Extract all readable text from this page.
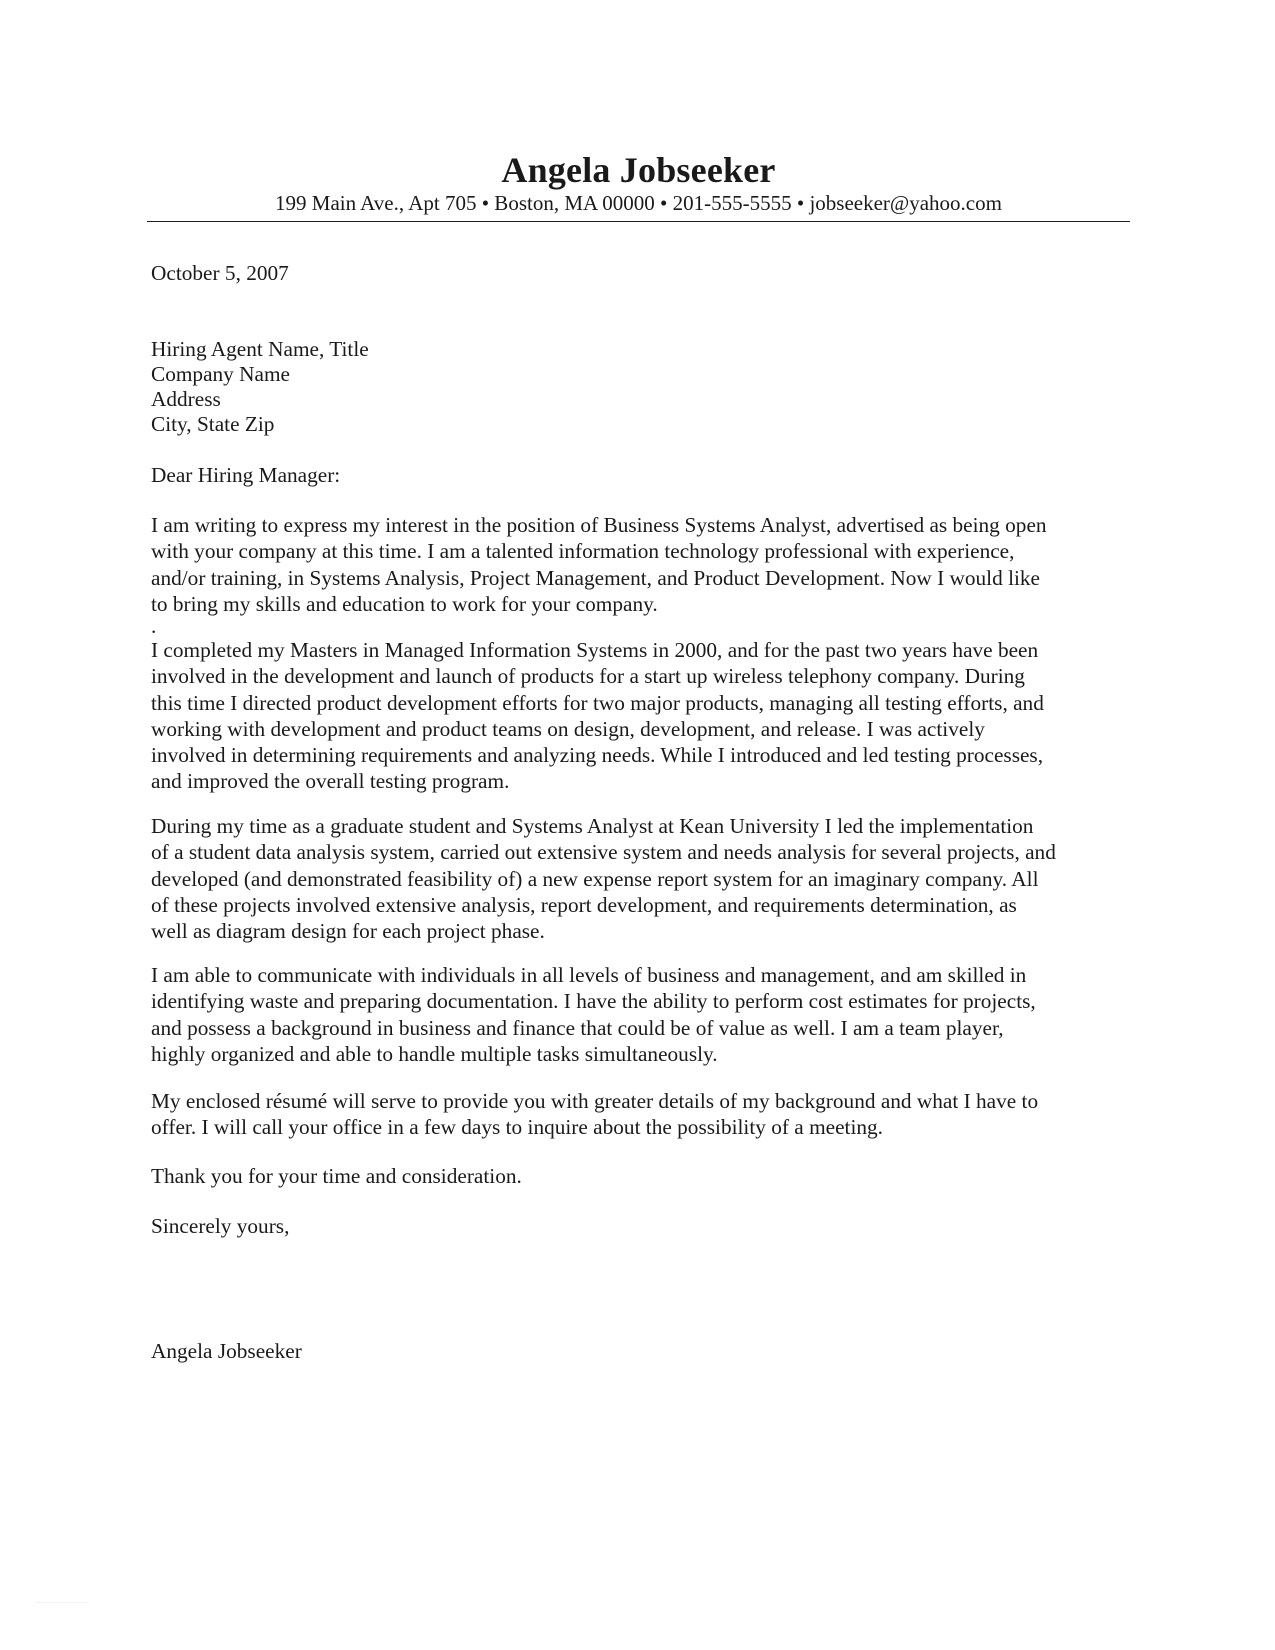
Angela Jobseeker
199 Main Ave., Apt 705 • Boston, MA 00000 • 201-555-5555 • jobseeker@yahoo.com
October 5, 2007
Hiring Agent Name, Title
Company Name
Address
City, State Zip
Dear Hiring Manager:
I am writing to express my interest in the position of Business Systems Analyst, advertised as being open
with your company at this time. I am a talented information technology professional with experience,
and/or training, in Systems Analysis, Project Management, and Product Development. Now I would like
to bring my skills and education to work for your company.
.
I completed my Masters in Managed Information Systems in 2000, and for the past two years have been
involved in the development and launch of products for a start up wireless telephony company. During
this time I directed product development efforts for two major products, managing all testing efforts, and
working with development and product teams on design, development, and release. I was actively
involved in determining requirements and analyzing needs. While I introduced and led testing processes,
and improved the overall testing program.
During my time as a graduate student and Systems Analyst at Kean University I led the implementation
of a student data analysis system, carried out extensive system and needs analysis for several projects, and
developed (and demonstrated feasibility of) a new expense report system for an imaginary company. All
of these projects involved extensive analysis, report development, and requirements determination, as
well as diagram design for each project phase.
I am able to communicate with individuals in all levels of business and management, and am skilled in
identifying waste and preparing documentation. I have the ability to perform cost estimates for projects,
and possess a background in business and finance that could be of value as well. I am a team player,
highly organized and able to handle multiple tasks simultaneously.
My enclosed résumé will serve to provide you with greater details of my background and what I have to
offer. I will call your office in a few days to inquire about the possibility of a meeting.
Thank you for your time and consideration.
Sincerely yours,
Angela Jobseeker
····················
